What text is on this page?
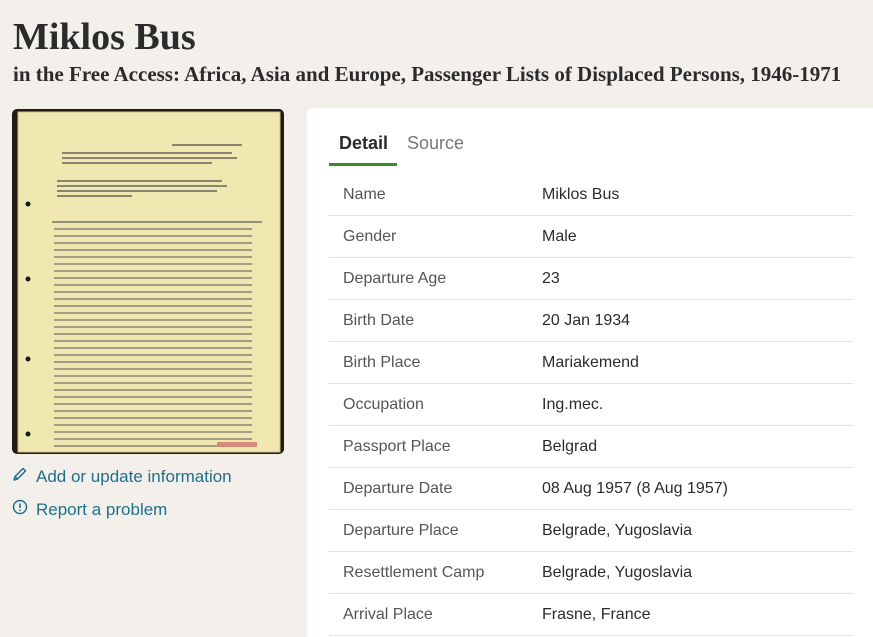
Miklos Bus
in the Free Access: Africa, Asia and Europe, Passenger Lists of Displaced Persons, 1946-1971
Add or update information
Report a problem
Detail	Source
Name	Miklos Bus
Gender	Male
Departure Age	23
Birth Date	20 Jan 1934
Birth Place	Mariakemend
Occupation	Ing.mec.
Passport Place	Belgrad
Departure Date	08 Aug 1957 (8 Aug 1957)
Departure Place	Belgrade, Yugoslavia
Resettlement Camp	Belgrade, Yugoslavia
Arrival Place	Frasne, France
